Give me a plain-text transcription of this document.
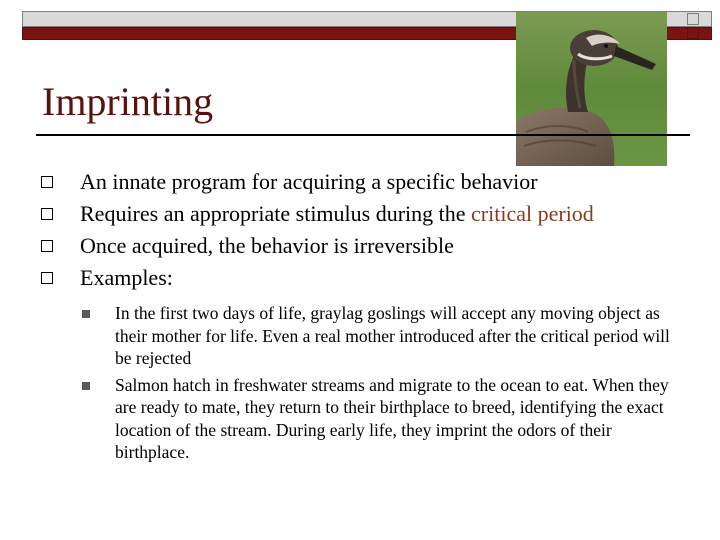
Imprinting
An innate program for acquiring a specific behavior
Requires an appropriate stimulus during the critical period
Once acquired, the behavior is irreversible
Examples:
In the first two days of life, graylag goslings will accept any moving object as their mother for life. Even a real mother introduced after the critical period will be rejected
Salmon hatch in freshwater streams and migrate to the ocean to eat. When they are ready to mate, they return to their birthplace to breed, identifying the exact location of the stream. During early life, they imprint the odors of their birthplace.
